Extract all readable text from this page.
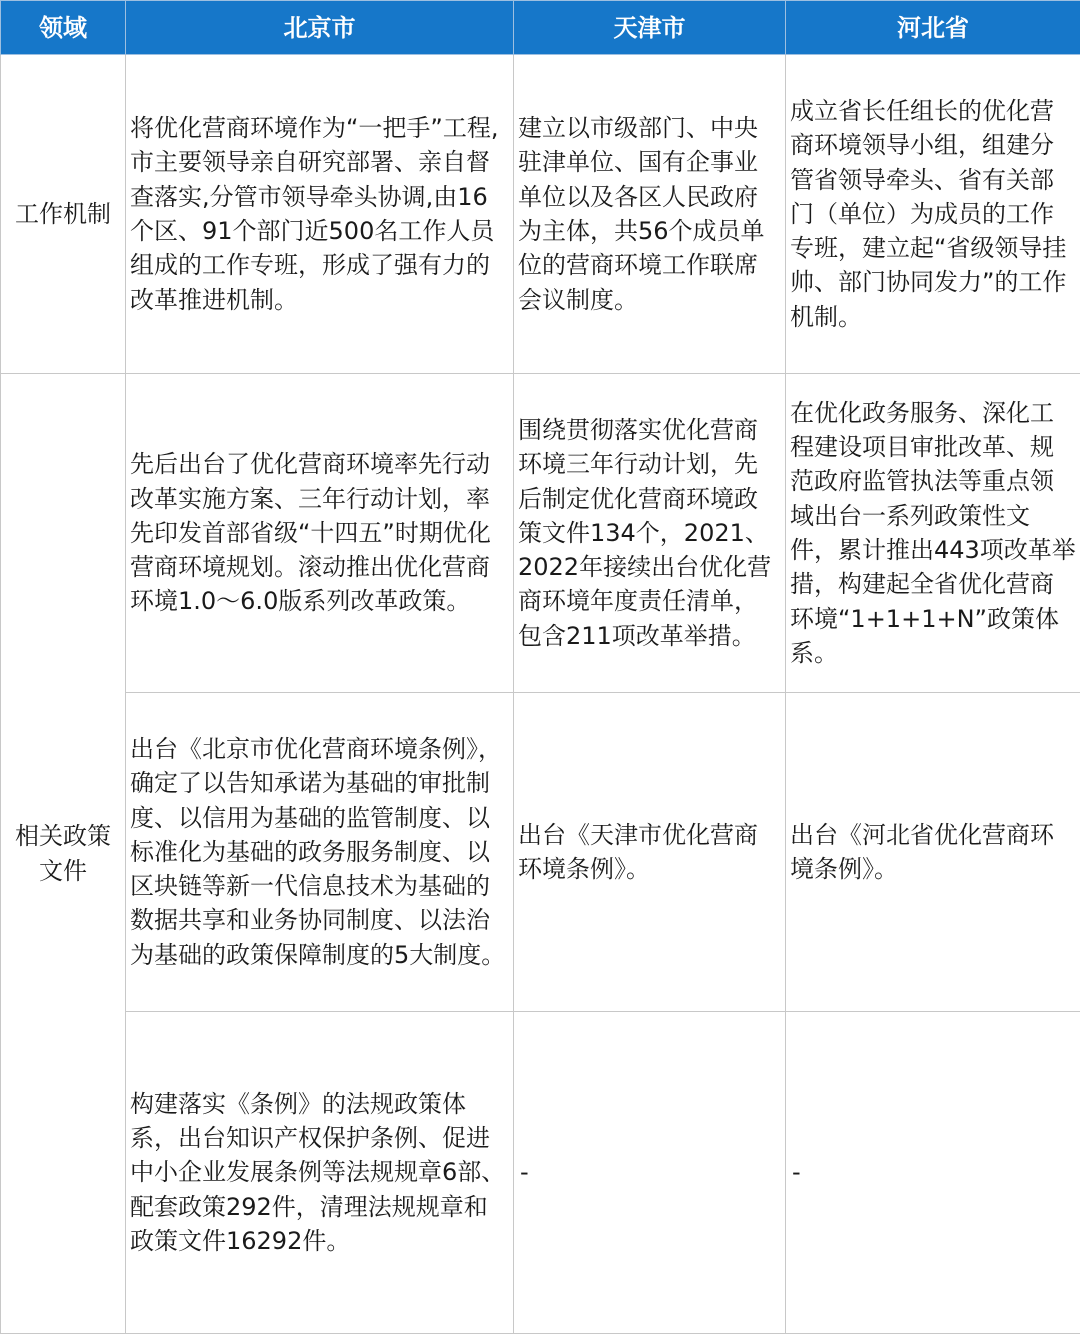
领域	北京市	天津市	河北省
工作机制	将优化营商环境作为“一把手”工程,市主要领导亲自研究部署、亲自督查落实,分管市领导牵头协调,由16个区、91个部门近500名工作人员组成的工作专班，形成了强有力的改革推进机制。	建立以市级部门、中央驻津单位、国有企事业单位以及各区人民政府为主体，共56个成员单位的营商环境工作联席会议制度。	成立省长任组长的优化营商环境领导小组，组建分管省领导牵头、省有关部门（单位）为成员的工作专班，建立起“省级领导挂帅、部门协同发力”的工作机制。
相关政策文件	先后出台了优化营商环境率先行动改革实施方案、三年行动计划，率先印发首部省级“十四五”时期优化营商环境规划。滚动推出优化营商环境1.0～6.0版系列改革政策。	围绕贯彻落实优化营商环境三年行动计划，先后制定优化营商环境政策文件134个，2021、2022年接续出台优化营商环境年度责任清单，包含211项改革举措。	在优化政务服务、深化工程建设项目审批改革、规范政府监管执法等重点领域出台一系列政策性文件，累计推出443项改革举措，构建起全省优化营商环境“1+1+1+N”政策体系。
	出台《北京市优化营商环境条例》，确定了以告知承诺为基础的审批制度、以信用为基础的监管制度、以标准化为基础的政务服务制度、以区块链等新一代信息技术为基础的数据共享和业务协同制度、以法治为基础的政策保障制度的5大制度。	出台《天津市优化营商环境条例》。	出台《河北省优化营商环境条例》。
	构建落实《条例》的法规政策体系，出台知识产权保护条例、促进中小企业发展条例等法规规章6部、配套政策292件，清理法规规章和政策文件16292件。	-	-
